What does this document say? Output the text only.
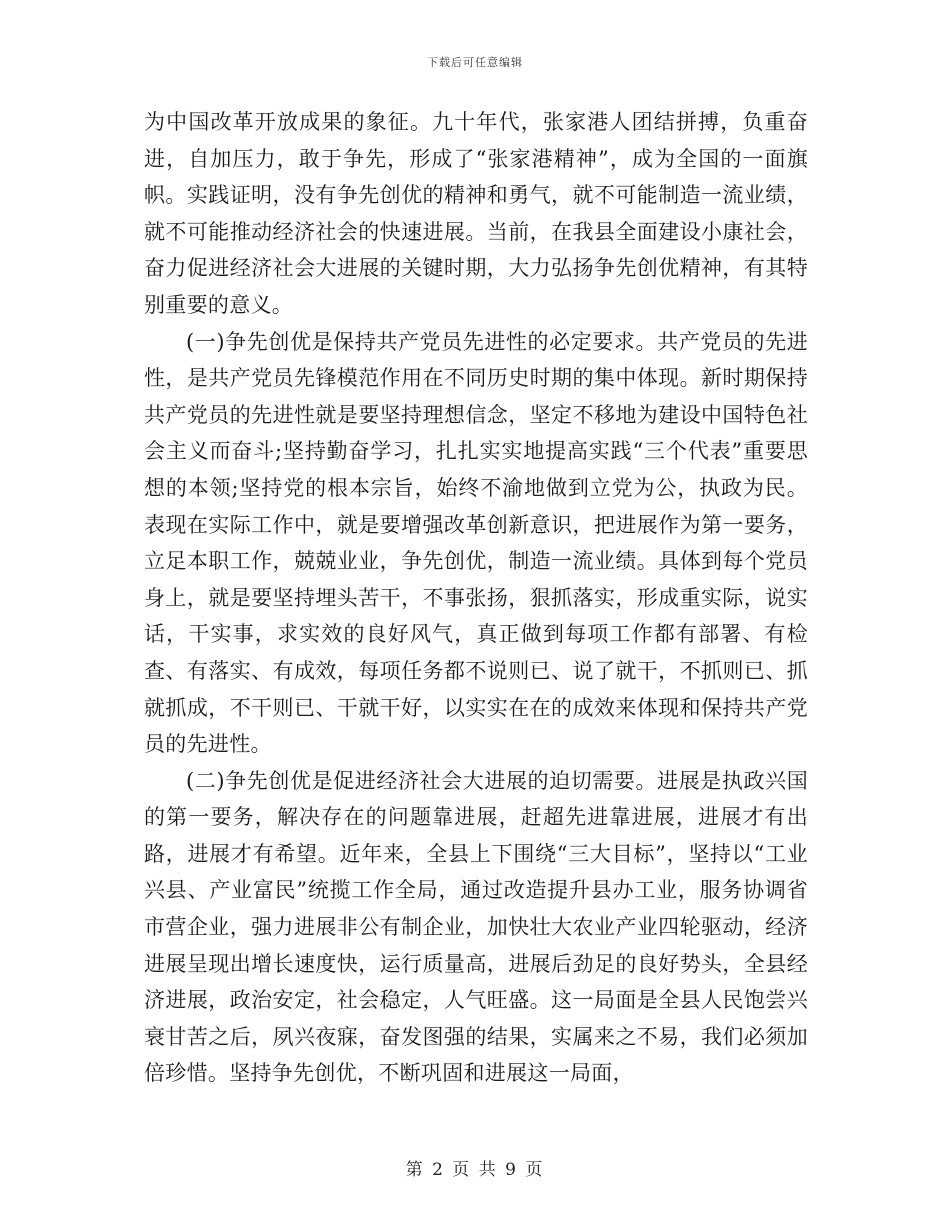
下载后可任意编辑

为中国改革开放成果的象征。九十年代，张家港人团结拼搏，负重奋进，自加压力，敢于争先，形成了“张家港精神”，成为全国的一面旗帜。实践证明，没有争先创优的精神和勇气，就不可能制造一流业绩，就不可能推动经济社会的快速进展。当前，在我县全面建设小康社会，奋力促进经济社会大进展的关键时期，大力弘扬争先创优精神，有其特别重要的意义。

(一)争先创优是保持共产党员先进性的必定要求。共产党员的先进性，是共产党员先锋模范作用在不同历史时期的集中体现。新时期保持共产党员的先进性就是要坚持理想信念，坚定不移地为建设中国特色社会主义而奋斗;坚持勤奋学习，扎扎实实地提高实践“三个代表”重要思想的本领;坚持党的根本宗旨，始终不渝地做到立党为公，执政为民。表现在实际工作中，就是要增强改革创新意识，把进展作为第一要务，立足本职工作，兢兢业业，争先创优，制造一流业绩。具体到每个党员身上，就是要坚持埋头苦干，不事张扬，狠抓落实，形成重实际，说实话，干实事，求实效的良好风气，真正做到每项工作都有部署、有检查、有落实、有成效，每项任务都不说则已、说了就干，不抓则已、抓就抓成，不干则已、干就干好，以实实在在的成效来体现和保持共产党员的先进性。

(二)争先创优是促进经济社会大进展的迫切需要。进展是执政兴国的第一要务，解决存在的问题靠进展，赶超先进靠进展，进展才有出路，进展才有希望。近年来，全县上下围绕“三大目标”，坚持以“工业兴县、产业富民”统揽工作全局，通过改造提升县办工业，服务协调省市营企业，强力进展非公有制企业，加快壮大农业产业四轮驱动，经济进展呈现出增长速度快，运行质量高，进展后劲足的良好势头，全县经济进展，政治安定，社会稳定，人气旺盛。这一局面是全县人民饱尝兴衰甘苦之后，夙兴夜寐，奋发图强的结果，实属来之不易，我们必须加倍珍惜。坚持争先创优，不断巩固和进展这一局面，

第 2 页 共 9 页
